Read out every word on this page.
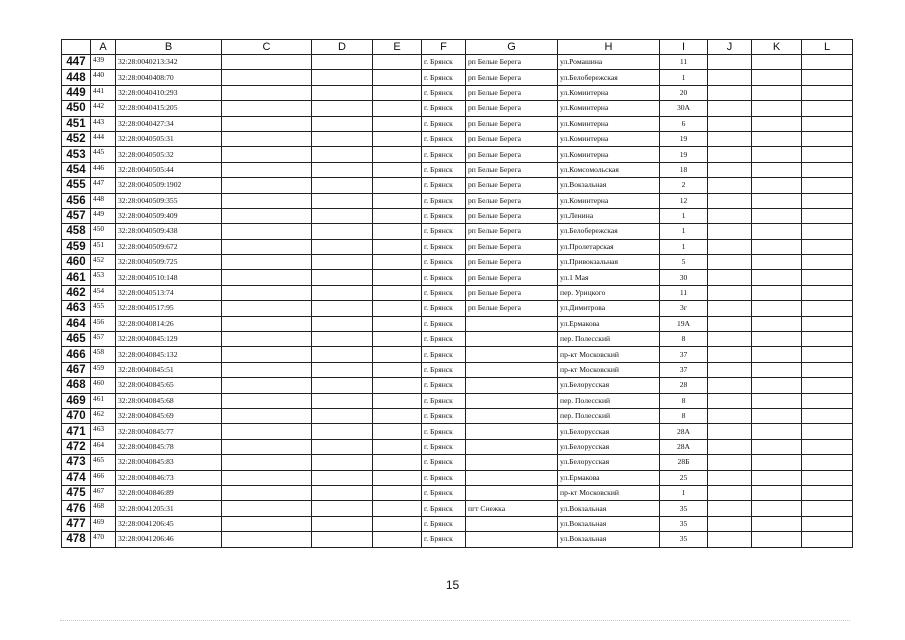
	A	B	C	D	E	F	G	H	I	J	K	L
447	439	32:28:0040213:342				г. Брянск	рп Белые Берега	ул.Ромашина	11			
448	440	32:28:0040408:70				г. Брянск	рп Белые Берега	ул.Белобережская	1			
449	441	32:28:0040410:293				г. Брянск	рп Белые Берега	ул.Коминтерна	20			
450	442	32:28:0040415:205				г. Брянск	рп Белые Берега	ул.Коминтерна	30А			
451	443	32:28:0040427:34				г. Брянск	рп Белые Берега	ул.Коминтерна	6			
452	444	32:28:0040505:31				г. Брянск	рп Белые Берега	ул.Коминтерна	19			
453	445	32:28:0040505:32				г. Брянск	рп Белые Берега	ул.Коминтерна	19			
454	446	32:28:0040505:44				г. Брянск	рп Белые Берега	ул.Комсомольская	18			
455	447	32:28:0040509:1902				г. Брянск	рп Белые Берега	ул.Вокзальная	2			
456	448	32:28:0040509:355				г. Брянск	рп Белые Берега	ул.Коминтерна	12			
457	449	32:28:0040509:409				г. Брянск	рп Белые Берега	ул.Ленина	1			
458	450	32:28:0040509:438				г. Брянск	рп Белые Берега	ул.Белобережская	1			
459	451	32:28:0040509:672				г. Брянск	рп Белые Берега	ул.Пролетарская	1			
460	452	32:28:0040509:725				г. Брянск	рп Белые Берега	ул.Привокзальная	5			
461	453	32:28:0040510:148				г. Брянск	рп Белые Берега	ул.1 Мая	30			
462	454	32:28:0040513:74				г. Брянск	рп Белые Берега	пер. Урицкого	11			
463	455	32:28:0040517:95				г. Брянск	рп Белые Берега	ул.Димитрова	3г			
464	456	32:28:0040814:26				г. Брянск		ул.Ермакова	19А			
465	457	32:28:0040845:129				г. Брянск		пер. Полесский	8			
466	458	32:28:0040845:132				г. Брянск		пр-кт Московский	37			
467	459	32:28:0040845:51				г. Брянск		пр-кт Московский	37			
468	460	32:28:0040845:65				г. Брянск		ул.Белорусская	28			
469	461	32:28:0040845:68				г. Брянск		пер. Полесский	8			
470	462	32:28:0040845:69				г. Брянск		пер. Полесский	8			
471	463	32:28:0040845:77				г. Брянск		ул.Белорусская	28А			
472	464	32:28:0040845:78				г. Брянск		ул.Белорусская	28А			
473	465	32:28:0040845:83				г. Брянск		ул.Белорусская	28Б			
474	466	32:28:0040846:73				г. Брянск		ул.Ермакова	25			
475	467	32:28:0040846:89				г. Брянск		пр-кт Московский	1			
476	468	32:28:0041205:31				г. Брянск	пгт Снежка	ул.Вокзальная	35			
477	469	32:28:0041206:45				г. Брянск		ул.Вокзальная	35			
478	470	32:28:0041206:46				г. Брянск		ул.Вокзальная	35			
15
